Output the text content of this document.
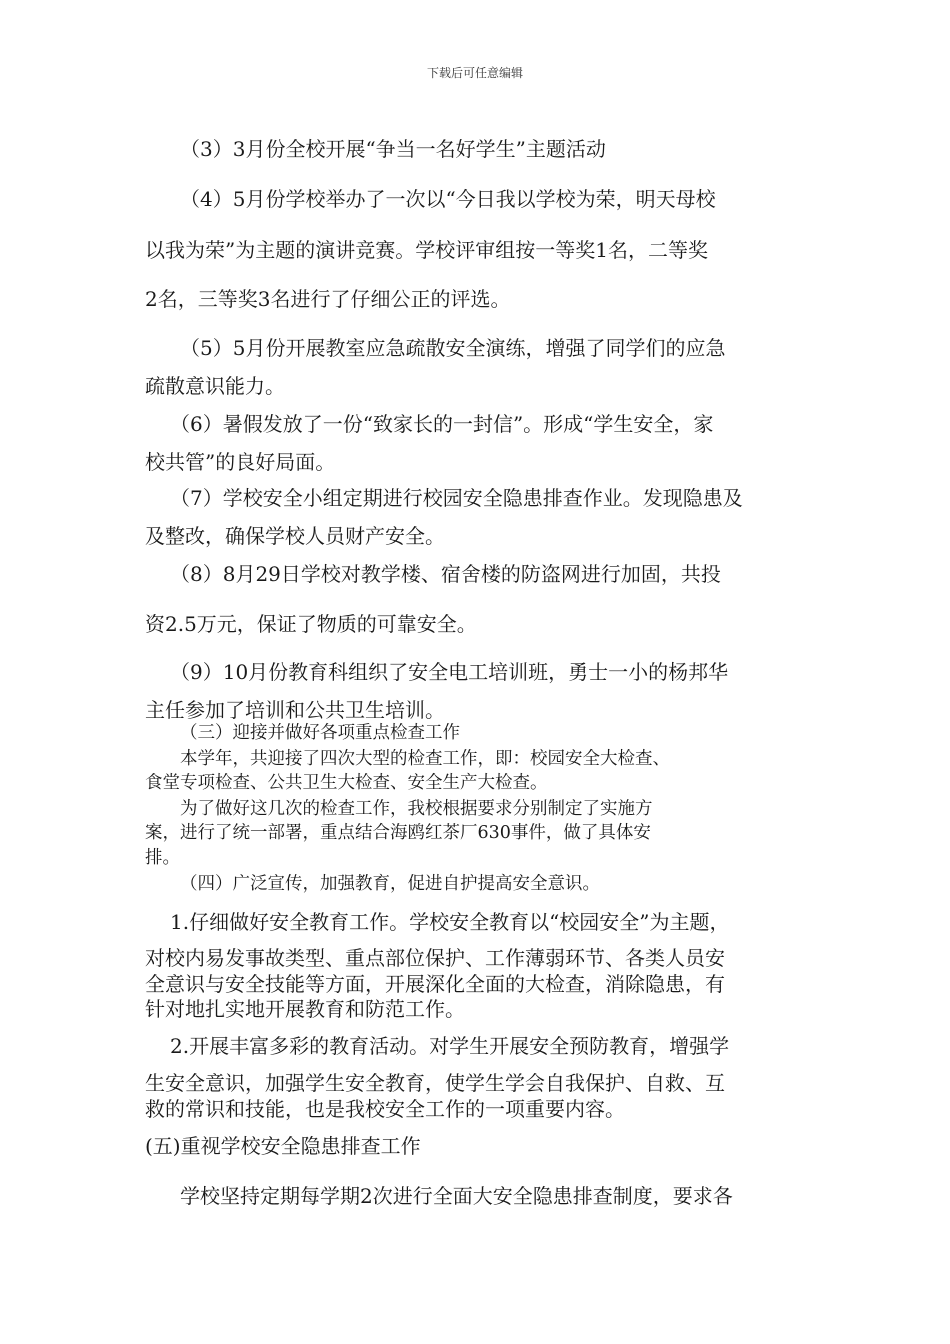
下载后可任意编辑
（3）3月份全校开展“争当一名好学生”主题活动
（4）5月份学校举办了一次以“今日我以学校为荣，明天母校
以我为荣”为主题的演讲竞赛。学校评审组按一等奖1名，二等奖
2名，三等奖3名进行了仔细公正的评选。
（5）5月份开展教室应急疏散安全演练，增强了同学们的应急
疏散意识能力。
（6）暑假发放了一份“致家长的一封信”。形成“学生安全，家
校共管”的良好局面。
（7）学校安全小组定期进行校园安全隐患排查作业。发现隐患及
及整改，确保学校人员财产安全。
（8）8月29日学校对教学楼、宿舍楼的防盗网进行加固，共投
资2.5万元，保证了物质的可靠安全。
（9）10月份教育科组织了安全电工培训班，勇士一小的杨邦华
主任参加了培训和公共卫生培训。
（三）迎接并做好各项重点检查工作
本学年，共迎接了四次大型的检查工作，即：校园安全大检查、
食堂专项检查、公共卫生大检查、安全生产大检查。
为了做好这几次的检查工作，我校根据要求分别制定了实施方
案，进行了统一部署，重点结合海鸥红茶厂630事件，做了具体安
排。
（四）广泛宣传，加强教育，促进自护提高安全意识。
1.仔细做好安全教育工作。学校安全教育以“校园安全”为主题，
对校内易发事故类型、重点部位保护、工作薄弱环节、各类人员安
全意识与安全技能等方面，开展深化全面的大检查，消除隐患，有
针对地扎实地开展教育和防范工作。
2.开展丰富多彩的教育活动。对学生开展安全预防教育，增强学
生安全意识，加强学生安全教育，使学生学会自我保护、自救、互
救的常识和技能，也是我校安全工作的一项重要内容。
(五)重视学校安全隐患排查工作
学校坚持定期每学期2次进行全面大安全隐患排查制度，要求各
